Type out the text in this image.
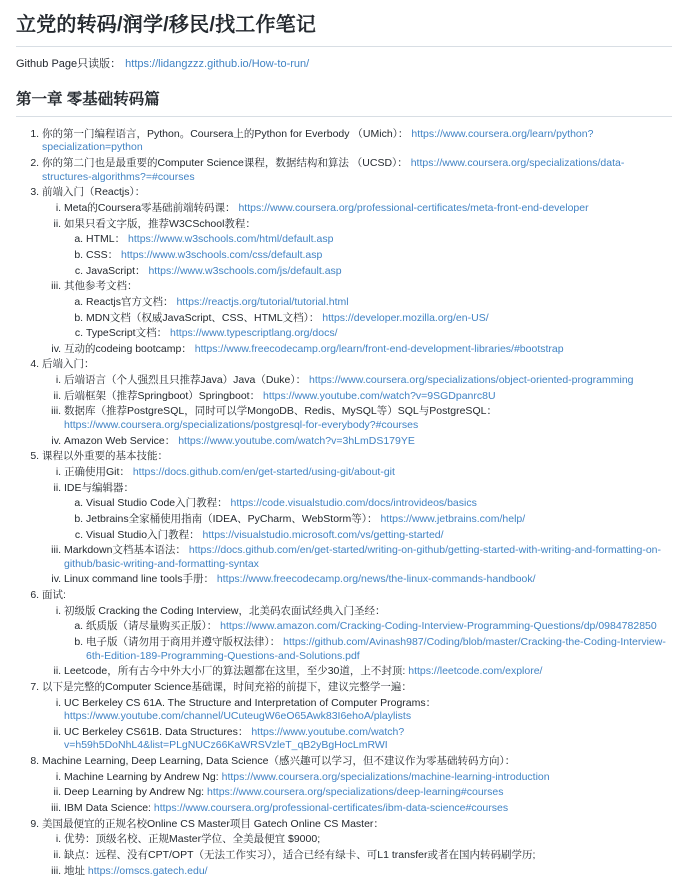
立党的转码/润学/移民/找工作笔记
Github Page只读版： https://lidangzzz.github.io/How-to-run/
第一章 零基础转码篇
1. 你的第一门编程语言，Python。Coursera上的Python for Everbody （UMich）： https://www.coursera.org/learn/python?specialization=python
2. 你的第二门也是最重要的Computer Science课程，数据结构和算法 （UCSD）： https://www.coursera.org/specializations/data-structures-algorithms?=#courses
3. 前端入门（Reactjs）：
i. Meta的Coursera零基础前端转码课： https://www.coursera.org/professional-certificates/meta-front-end-developer
ii. 如果只看文字版，推荐W3CSchool教程：
a. HTML： https://www.w3schools.com/html/default.asp
b. CSS： https://www.w3schools.com/css/default.asp
c. JavaScript： https://www.w3schools.com/js/default.asp
iii. 其他参考文档：
a. Reactjs官方文档： https://reactjs.org/tutorial/tutorial.html
b. MDN文档（权威JavaScript、CSS、HTML文档）： https://developer.mozilla.org/en-US/
c. TypeScript文档： https://www.typescriptlang.org/docs/
iv. 互动的codeing bootcamp： https://www.freecodecamp.org/learn/front-end-development-libraries/#bootstrap
4. 后端入门：
i. 后端语言（个人强烈且只推荐Java）Java（Duke）： https://www.coursera.org/specializations/object-oriented-programming
ii. 后端框架（推荐Springboot）Springboot： https://www.youtube.com/watch?v=9SGDpanrc8U
iii. 数据库（推荐PostgreSQL，同时可以学MongoDB、Redis、MySQL等）SQL与PostgreSQL： https://www.coursera.org/specializations/postgresql-for-everybody?#courses
iv. Amazon Web Service： https://www.youtube.com/watch?v=3hLmDS179YE
5. 课程以外重要的基本技能：
i. 正确使用Git： https://docs.github.com/en/get-started/using-git/about-git
ii. IDE与编辑器：
a. Visual Studio Code入门教程： https://code.visualstudio.com/docs/introvideos/basics
b. Jetbrains全家桶使用指南（IDEA、PyCharm、WebStorm等）： https://www.jetbrains.com/help/
c. Visual Studio入门教程： https://visualstudio.microsoft.com/vs/getting-started/
iii. Markdown文档基本语法： https://docs.github.com/en/get-started/writing-on-github/getting-started-with-writing-and-formatting-on-github/basic-writing-and-formatting-syntax
iv. Linux command line tools手册： https://www.freecodecamp.org/news/the-linux-commands-handbook/
6. 面试:
i. 初级版 Cracking the Coding Interview，北美码农面试经典入门圣经：
a. 纸质版（请尽量购买正版）： https://www.amazon.com/Cracking-Coding-Interview-Programming-Questions/dp/0984782850
b. 电子版（请勿用于商用并遵守版权法律）： https://github.com/Avinash987/Coding/blob/master/Cracking-the-Coding-Interview-6th-Edition-189-Programming-Questions-and-Solutions.pdf
ii. Leetcode，所有古今中外大小厂的算法题都在这里，至少30道，上不封顶: https://leetcode.com/explore/
7. 以下是完整的Computer Science基础课，时间充裕的前提下，建议完整学一遍：
i. UC Berkeley CS 61A. The Structure and Interpretation of Computer Programs： https://www.youtube.com/channel/UCuteugW6eO65Awk83I6ehoA/playlists
ii. UC Berkeley CS61B. Data Structures： https://www.youtube.com/watch?v=h59h5DoNhL4&list=PLgNUCz66KaWRSVzleT_qB2yBgHocLmRWI
8. Machine Learning, Deep Learning, Data Science（感兴趣可以学习，但不建议作为零基础转码方向）：
i. Machine Learning by Andrew Ng: https://www.coursera.org/specializations/machine-learning-introduction
ii. Deep Learning by Andrew Ng: https://www.coursera.org/specializations/deep-learning#courses
iii. IBM Data Science: https://www.coursera.org/professional-certificates/ibm-data-science#courses
9. 美国最便宜的正规名校Online CS Master项目 Gatech Online CS Master：
i. 优势：顶级名校、正规Master学位、全美最便宜 $9000;
ii. 缺点：远程、没有CPT/OPT（无法工作实习），适合已经有绿卡、可L1 transfer或者在国内转码刷学历;
iii. 地址 https://omscs.gatech.edu/
